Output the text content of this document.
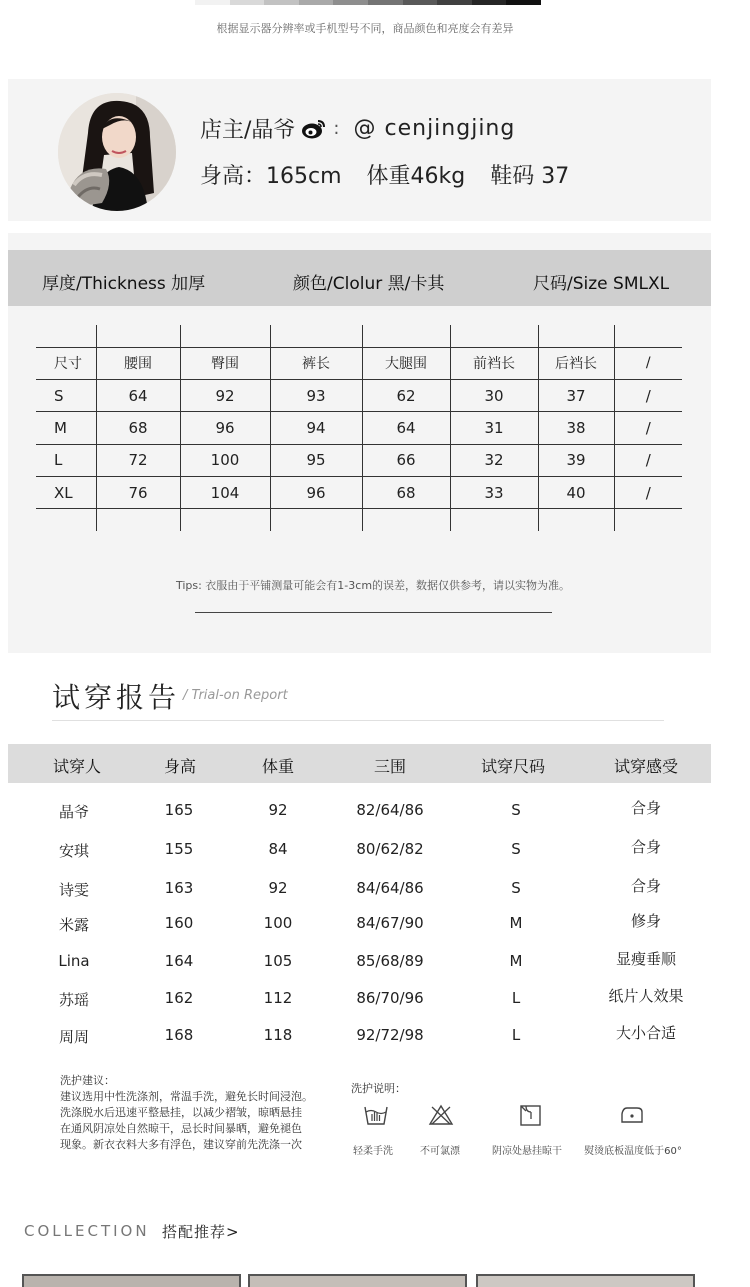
根据显示器分辨率或手机型号不同，商品颜色和亮度会有差异
店主/晶爷 : @ cenjingjing
身高：165cm 体重46kg 鞋码 37
厚度/Thickness 加厚	颜色/Clolur 黑/卡其	尺码/Size SMLXL

尺寸	腰围	臀围	裤长	大腿围	前裆长	后裆长	/
S	64	92	93	62	30	37	/
M	68	96	94	64	31	38	/
L	72	100	95	66	32	39	/
XL	76	104	96	68	33	40	/

Tips: 衣服由于平铺测量可能会有1-3cm的误差，数据仅供参考，请以实物为准。
试穿报告 / Trial-on Report
试穿人	身高	体重	三围	试穿尺码	试穿感受
晶爷	165	92	82/64/86	S	合身
安琪	155	84	80/62/82	S	合身
诗雯	163	92	84/64/86	S	合身
米露	160	100	84/67/90	M	修身
Lina	164	105	85/68/89	M	显瘦垂顺
苏瑶	162	112	86/70/96	L	纸片人效果
周周	168	118	92/72/98	L	大小合适
洗护建议：
建议选用中性洗涤剂，常温手洗，避免长时间浸泡。
洗涤脱水后迅速平整悬挂，以减少褶皱，晾晒悬挂
在通风阴凉处自然晾干，忌长时间暴晒，避免褪色
现象。新衣衣料大多有浮色，建议穿前先洗涤一次
洗护说明：
轻柔手洗	不可氯漂	阴凉处悬挂晾干 熨烫底板温度低于60°
COLLECTION 搭配推荐>
